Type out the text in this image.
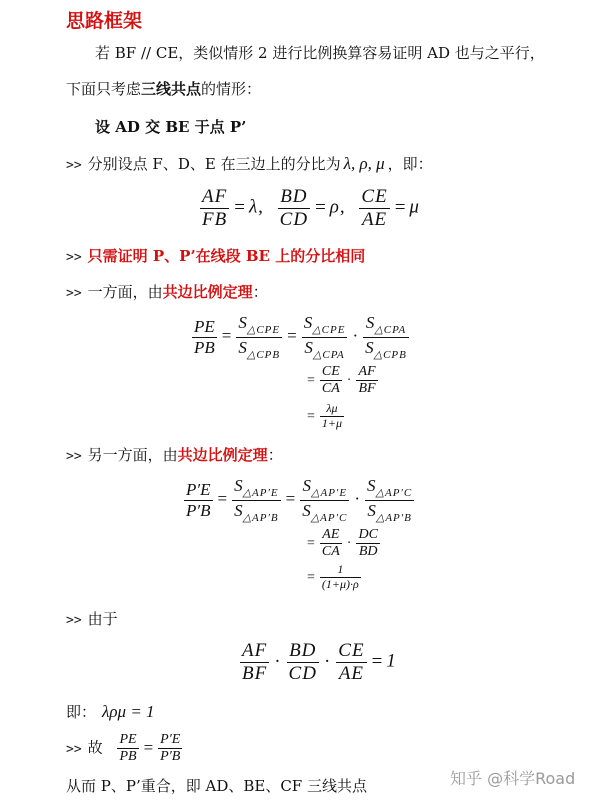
思路框架
若 BF // CE，类似情形 2 进行比例换算容易证明 AD 也与之平行，
下面只考虑三线共点的情形：
设 AD 交 BE 于点 P’
>> 分别设点 F、D、E 在三边上的分比为 λ, ρ, μ ，即：
$\frac{AF}{FB} = \lambda$, $\frac{BD}{CD} = \rho$, $\frac{CE}{AE} = \mu$
>> 只需证明 P、P’在线段 BE 上的分比相同
>> 一方面，由共边比例定理：
$\frac{PE}{PB} = \frac{S_{\triangle CPE}}{S_{\triangle CPB}} = \frac{S_{\triangle CPE}}{S_{\triangle CPA}} \cdot \frac{S_{\triangle CPA}}{S_{\triangle CPB}}$
= $\frac{CE}{CA} \cdot \frac{AF}{BF}$
= $\frac{\lambda\mu}{1+\mu}$
>> 另一方面，由共边比例定理：
$\frac{P'E}{P'B} = \frac{S_{\triangle AP'E}}{S_{\triangle AP'B}} = \frac{S_{\triangle AP'E}}{S_{\triangle AP'C}} \cdot \frac{S_{\triangle AP'C}}{S_{\triangle AP'B}}$
= $\frac{AE}{CA} \cdot \frac{DC}{BD}$
= $\frac{1}{(1+\mu)\cdot\rho}$
>> 由于
$\frac{AF}{BF} \cdot \frac{BD}{CD} \cdot \frac{CE}{AE} = 1$
即： λρμ = 1
>> 故 $\frac{PE}{PB} = \frac{P'E}{P'B}$
从而 P、P’重合，即 AD、BE、CF 三线共点	知乎 @科学Road
